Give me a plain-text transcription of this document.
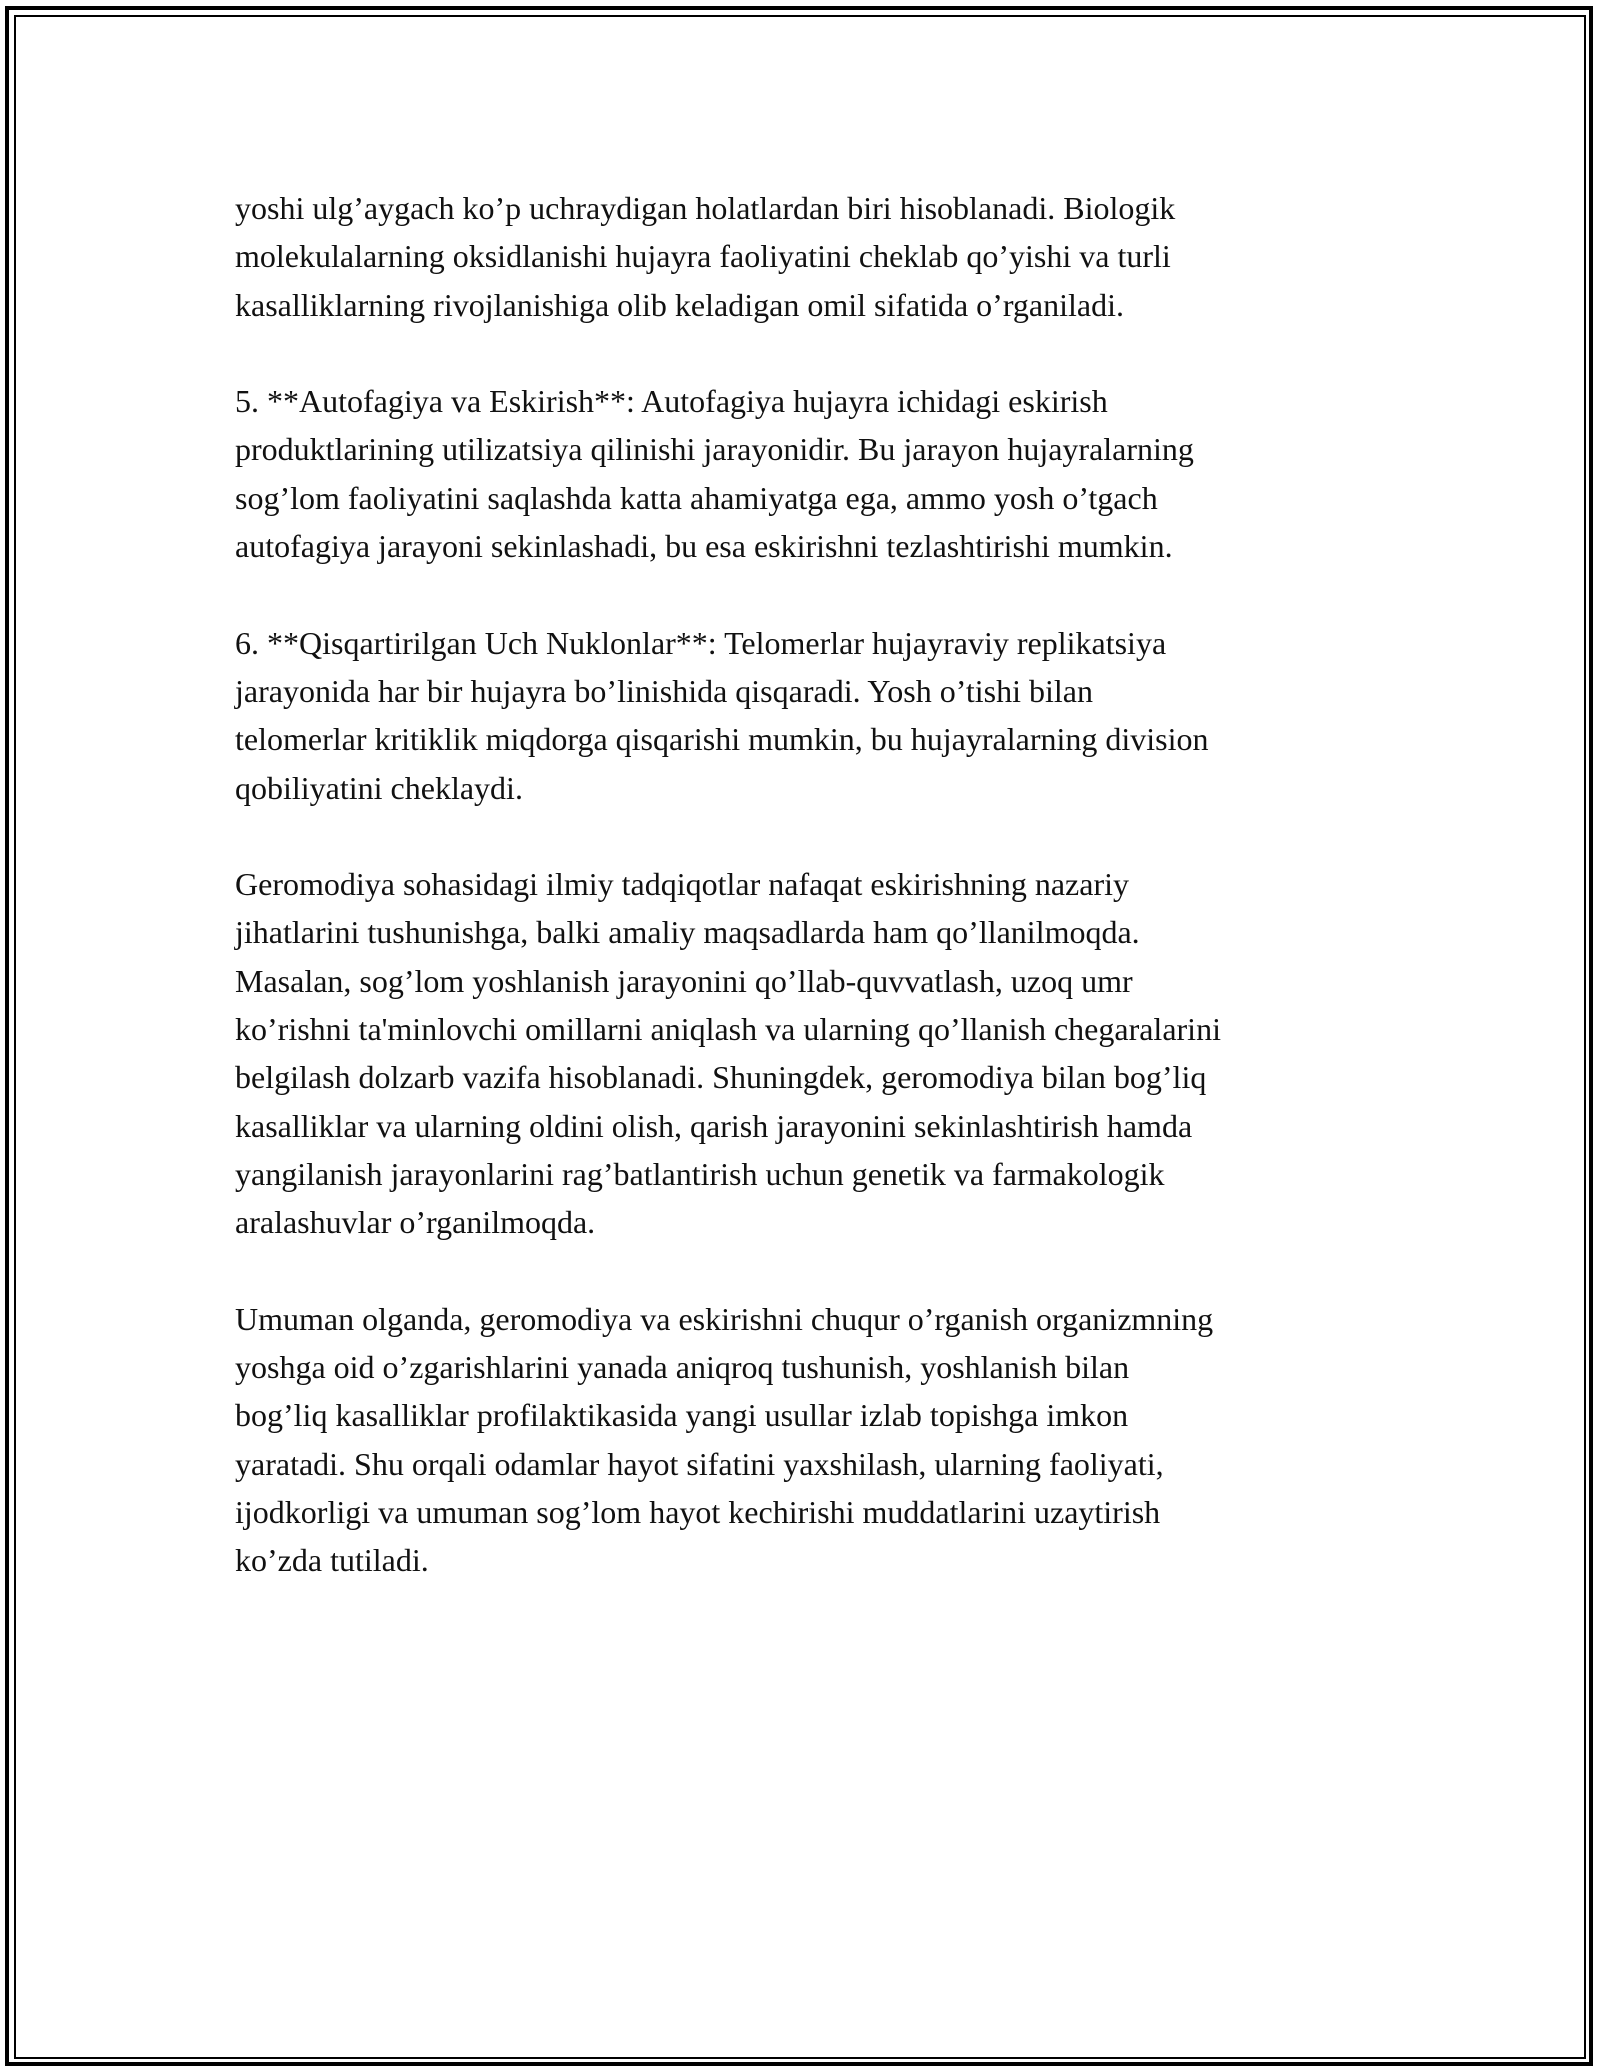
yoshi ulg’aygach ko’p uchraydigan holatlardan biri hisoblanadi. Biologik
molekulalarning oksidlanishi hujayra faoliyatini cheklab qo’yishi va turli
kasalliklarning rivojlanishiga olib keladigan omil sifatida o’rganiladi.

5. **Autofagiya va Eskirish**: Autofagiya hujayra ichidagi eskirish
produktlarining utilizatsiya qilinishi jarayonidir. Bu jarayon hujayralarning
sog’lom faoliyatini saqlashda katta ahamiyatga ega, ammo yosh o’tgach
autofagiya jarayoni sekinlashadi, bu esa eskirishni tezlashtirishi mumkin.

6. **Qisqartirilgan Uch Nuklonlar**: Telomerlar hujayraviy replikatsiya
jarayonida har bir hujayra bo’linishida qisqaradi. Yosh o’tishi bilan
telomerlar kritiklik miqdorga qisqarishi mumkin, bu hujayralarning division
qobiliyatini cheklaydi.

Geromodiya sohasidagi ilmiy tadqiqotlar nafaqat eskirishning nazariy
jihatlarini tushunishga, balki amaliy maqsadlarda ham qo’llanilmoqda.
Masalan, sog’lom yoshlanish jarayonini qo’llab-quvvatlash, uzoq umr
ko’rishni ta'minlovchi omillarni aniqlash va ularning qo’llanish chegaralarini
belgilash dolzarb vazifa hisoblanadi. Shuningdek, geromodiya bilan bog’liq
kasalliklar va ularning oldini olish, qarish jarayonini sekinlashtirish hamda
yangilanish jarayonlarini rag’batlantirish uchun genetik va farmakologik
aralashuvlar o’rganilmoqda.

Umuman olganda, geromodiya va eskirishni chuqur o’rganish organizmning
yoshga oid o’zgarishlarini yanada aniqroq tushunish, yoshlanish bilan
bog’liq kasalliklar profilaktikasida yangi usullar izlab topishga imkon
yaratadi. Shu orqali odamlar hayot sifatini yaxshilash, ularning faoliyati,
ijodkorligi va umuman sog’lom hayot kechirishi muddatlarini uzaytirish
ko’zda tutiladi.
